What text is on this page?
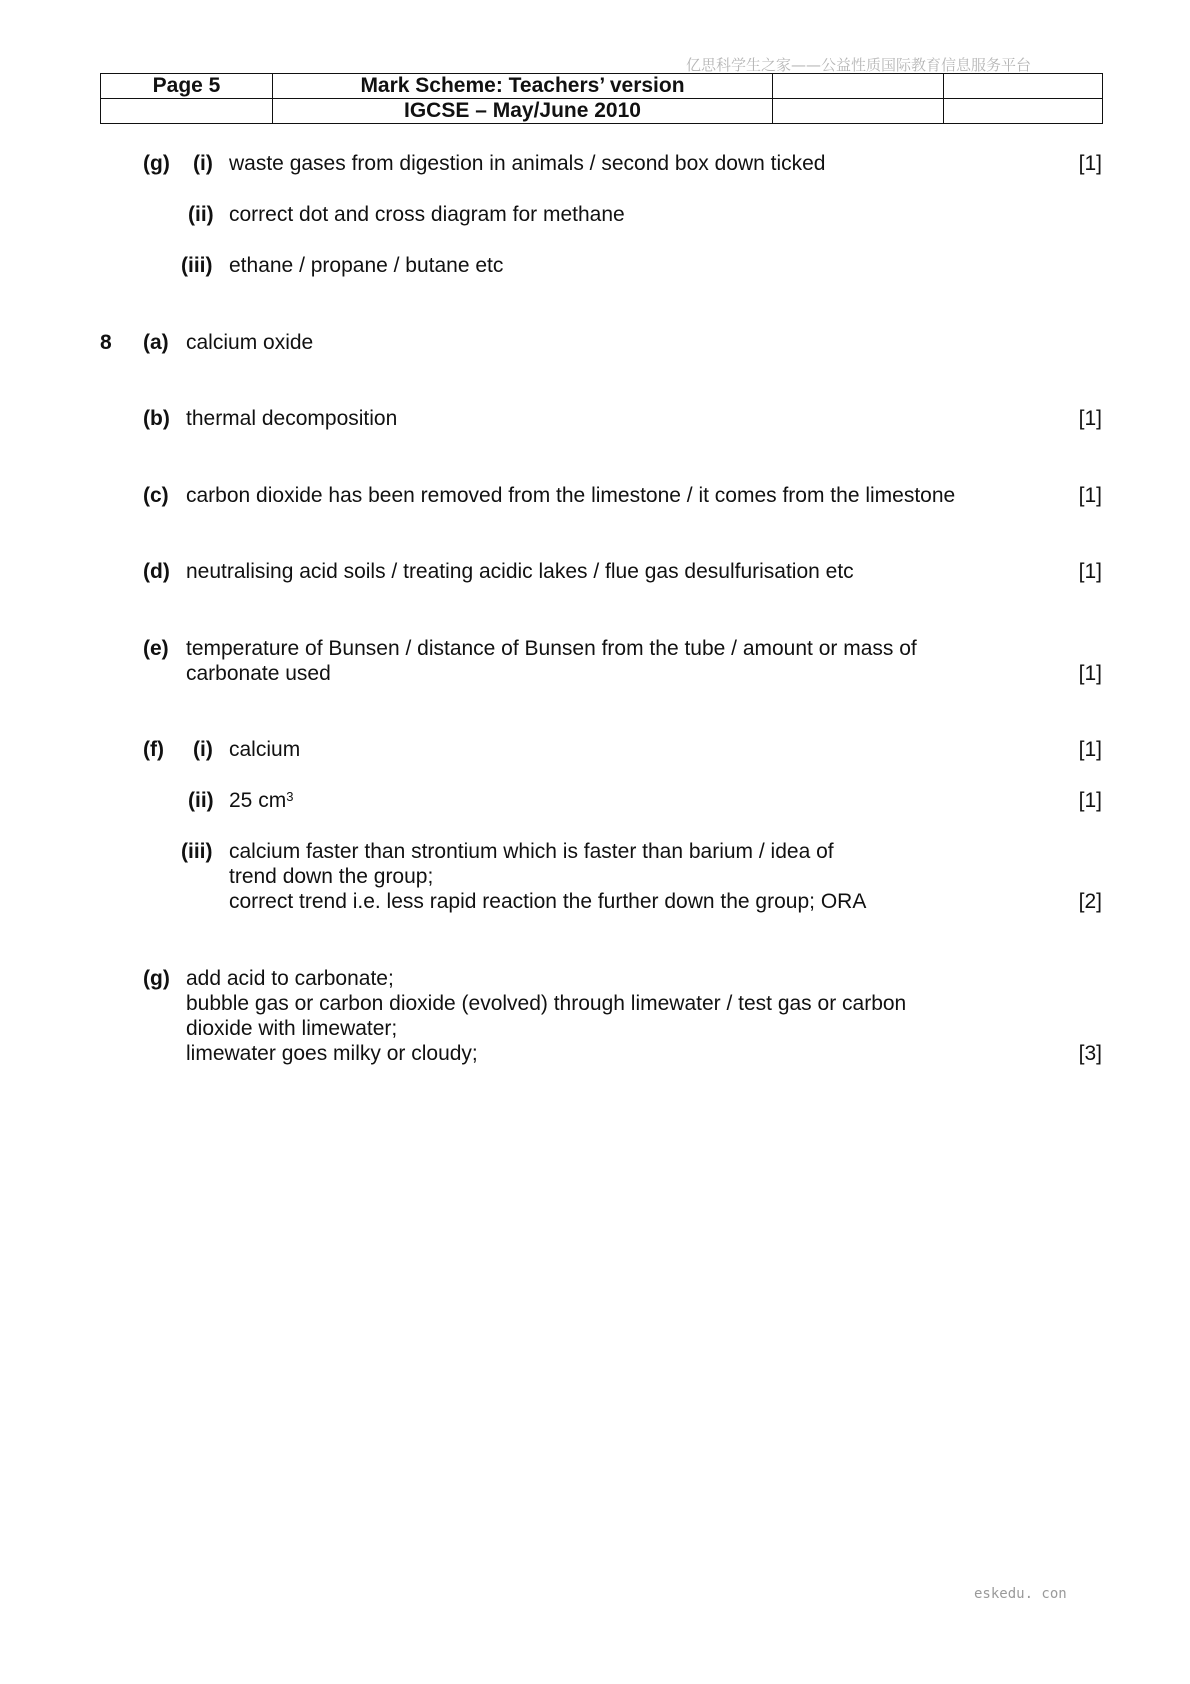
亿思科学生之家——公益性质国际教育信息服务平台
Page 5	Mark Scheme: Teachers’ version		
	IGCSE – May/June 2010		
(g) (i) waste gases from digestion in animals / second box down ticked	[1]
(ii) correct dot and cross diagram for methane
(iii) ethane / propane / butane etc
8 (a) calcium oxide
(b) thermal decomposition	[1]
(c) carbon dioxide has been removed from the limestone / it comes from the limestone	[1]
(d) neutralising acid soils / treating acidic lakes / flue gas desulfurisation etc	[1]
(e) temperature of Bunsen / distance of Bunsen from the tube / amount or mass of
carbonate used	[1]
(f) (i) calcium	[1]
(ii) 25 $cm^3$	[1]
(iii) calcium faster than strontium which is faster than barium / idea of
trend down the group;
correct trend i.e. less rapid reaction the further down the group; ORA	[2]
(g) add acid to carbonate;
bubble gas or carbon dioxide (evolved) through limewater / test gas or carbon
dioxide with limewater;
limewater goes milky or cloudy;	[3]
eskedu. con
